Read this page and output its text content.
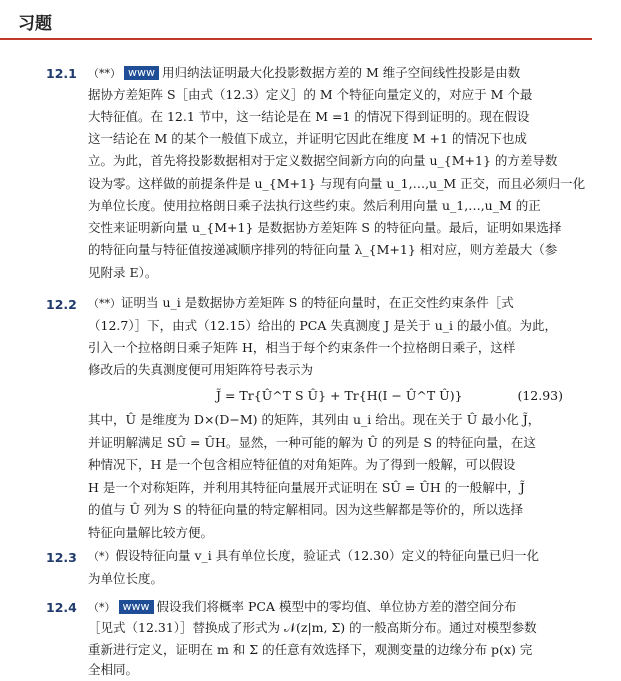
习题
12.1 （**） www 用归纳法证明最大化投影数据方差的 M 维子空间线性投影是由数
据协方差矩阵 S［由式（12.3）定义］的 M 个特征向量定义的，对应于 M 个最
大特征值。在 12.1 节中，这一结论是在 M =1 的情况下得到证明的。现在假设
这一结论在 M 的某个一般值下成立，并证明它因此在维度 M +1 的情况下也成
立。为此，首先将投影数据相对于定义数据空间新方向的向量 u_{M+1} 的方差导数
设为零。这样做的前提条件是 u_{M+1} 与现有向量 u_1,…,u_M 正交，而且必须归一化
为单位长度。使用拉格朗日乘子法执行这些约束。然后利用向量 u_1,…,u_M 的正
交性来证明新向量 u_{M+1} 是数据协方差矩阵 S 的特征向量。最后，证明如果选择
的特征向量与特征值按递减顺序排列的特征向量 λ_{M+1} 相对应，则方差最大（参
见附录 E）。
12.2 （**）证明当 u_i 是数据协方差矩阵 S 的特征向量时，在正交性约束条件［式
（12.7）］下，由式（12.15）给出的 PCA 失真测度 J 是关于 u_i 的最小值。为此，
引入一个拉格朗日乘子矩阵 H，相当于每个约束条件一个拉格朗日乘子，这样
修改后的失真测度便可用矩阵符号表示为
J̃ = Tr{Û^T S Û} + Tr{H(I − Û^T Û)}	(12.93)
其中，Û 是维度为 D×(D−M) 的矩阵，其列由 u_i 给出。现在关于 Û 最小化 J̃，
并证明解满足 SÛ = ÛH。显然，一种可能的解为 Û 的列是 S 的特征向量，在这
种情况下，H 是一个包含相应特征值的对角矩阵。为了得到一般解，可以假设
H 是一个对称矩阵，并利用其特征向量展开式证明在 SÛ = ÛH 的一般解中，J̃
的值与 Û 列为 S 的特征向量的特定解相同。因为这些解都是等价的，所以选择
特征向量解比较方便。
12.3 （*）假设特征向量 v_i 具有单位长度，验证式（12.30）定义的特征向量已归一化
为单位长度。
12.4 （*） www 假设我们将概率 PCA 模型中的零均值、单位协方差的潜空间分布
［见式（12.31）］替换成了形式为 𝒩(z|m, Σ) 的一般高斯分布。通过对模型参数
重新进行定义，证明在 m 和 Σ 的任意有效选择下，观测变量的边缘分布 p(x) 完
全相同。
